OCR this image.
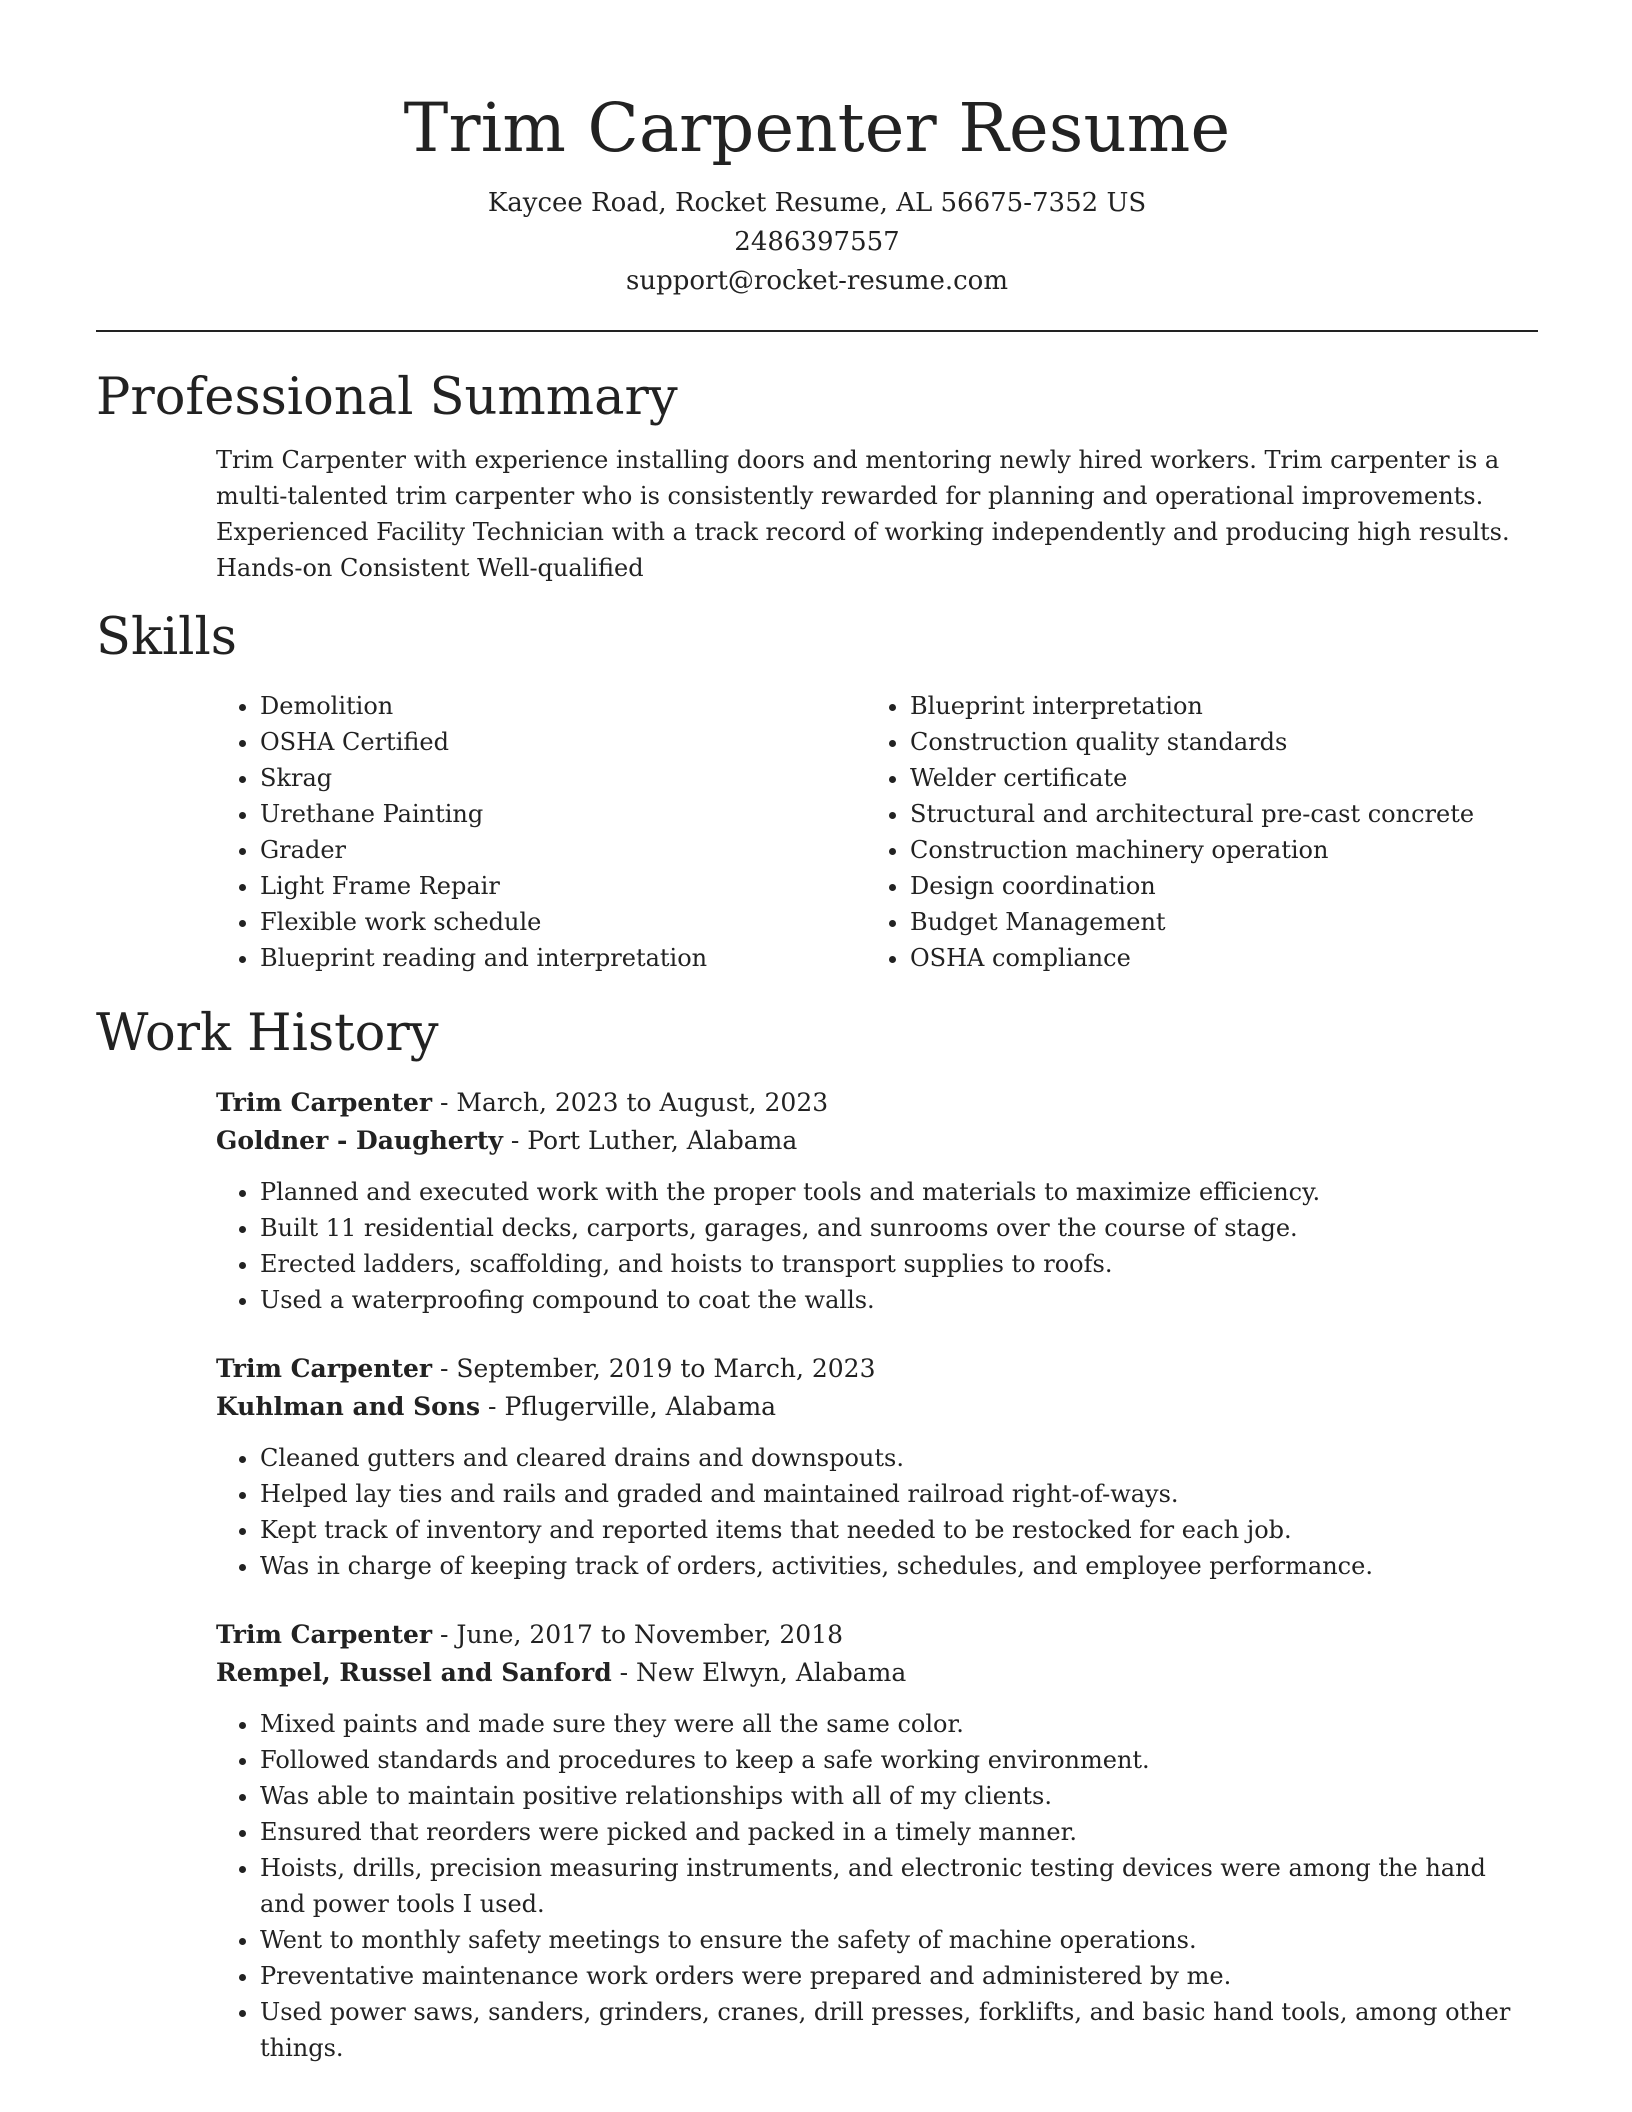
Trim Carpenter Resume
Kaycee Road, Rocket Resume, AL 56675-7352 US
2486397557
support@rocket-resume.com
Professional Summary

Trim Carpenter with experience installing doors and mentoring newly hired workers. Trim carpenter is a multi-talented trim carpenter who is consistently rewarded for planning and operational improvements. Experienced Facility Technician with a track record of working independently and producing high results. Hands-on Consistent Well-qualified

Skills
• Demolition
• OSHA Certified
• Skrag
• Urethane Painting
• Grader
• Light Frame Repair
• Flexible work schedule
• Blueprint reading and interpretation
• Blueprint interpretation
• Construction quality standards
• Welder certificate
• Structural and architectural pre-cast concrete
• Construction machinery operation
• Design coordination
• Budget Management
• OSHA compliance
Work History
Trim Carpenter - March, 2023 to August, 2023
Goldner - Daugherty - Port Luther, Alabama
• Planned and executed work with the proper tools and materials to maximize efficiency.
• Built 11 residential decks, carports, garages, and sunrooms over the course of stage.
• Erected ladders, scaffolding, and hoists to transport supplies to roofs.
• Used a waterproofing compound to coat the walls.
Trim Carpenter - September, 2019 to March, 2023
Kuhlman and Sons - Pflugerville, Alabama
• Cleaned gutters and cleared drains and downspouts.
• Helped lay ties and rails and graded and maintained railroad right-of-ways.
• Kept track of inventory and reported items that needed to be restocked for each job.
• Was in charge of keeping track of orders, activities, schedules, and employee performance.
Trim Carpenter - June, 2017 to November, 2018
Rempel, Russel and Sanford - New Elwyn, Alabama
• Mixed paints and made sure they were all the same color.
• Followed standards and procedures to keep a safe working environment.
• Was able to maintain positive relationships with all of my clients.
• Ensured that reorders were picked and packed in a timely manner.
• Hoists, drills, precision measuring instruments, and electronic testing devices were among the hand and power tools I used.
• Went to monthly safety meetings to ensure the safety of machine operations.
• Preventative maintenance work orders were prepared and administered by me.
• Used power saws, sanders, grinders, cranes, drill presses, forklifts, and basic hand tools, among other things.
